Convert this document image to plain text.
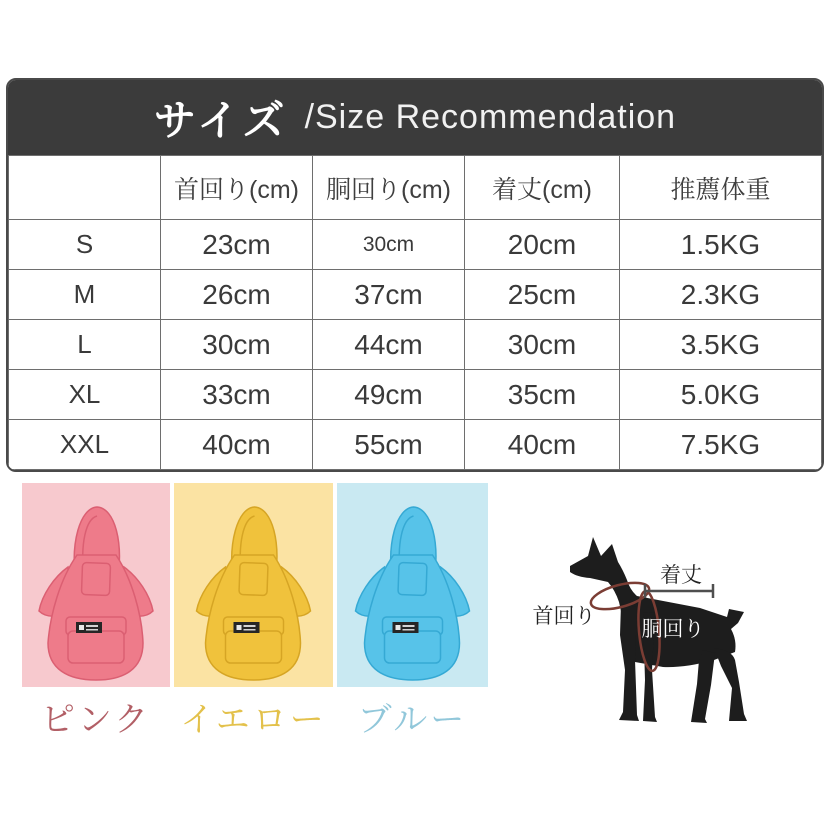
サイズ /Size Recommendation
	首回り(cm)	胴回り(cm)	着丈(cm)	推薦体重
S	23cm	30cm	20cm	1.5KG
M	26cm	37cm	25cm	2.3KG
L	30cm	44cm	30cm	3.5KG
XL	33cm	49cm	35cm	5.0KG
XXL	40cm	55cm	40cm	7.5KG
ピンク イエロー ブルー
着丈
首回り
胴回り
